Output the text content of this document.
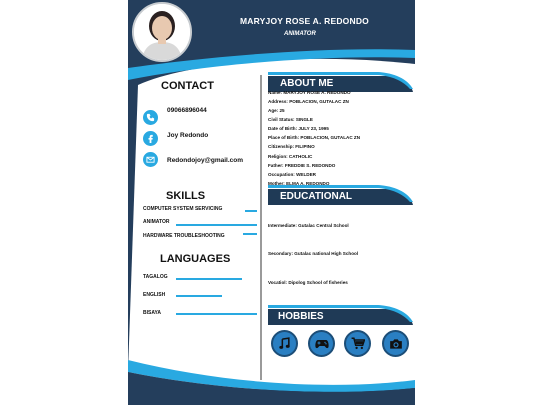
MARYJOY ROSE A. REDONDO
ANIMATOR
CONTACT
09066896044
Joy Redondo
Redondojoy@gmail.com
SKILLS
COMPUTER SYSTEM SERVICING
ANIMATOR
HARDWARE TROUBLESHOOTING
LANGUAGES
TAGALOG
ENGLISH
BISAYA
ABOUT ME
Name: MARYJOY ROSE A. REDONDO
Address: POBLACION, GUTALAC ZN
Age: 25
Civil Status: SINGLE
Date of Birth: JULY 23, 1995
Place of Birth: POBLACION, GUTALAC ZN
Citizenship: FILIPINO
Religion: CATHOLIC
Father: FREDDIE S. REDONDO
Occupation: WELDER
Mother: ELMA A. REDONDO
EDUCATIONAL
Intermediate: Gutalac Central School
Secondary: Gutalac national High School
Vocatiol: Dipolog School of fisheries
HOBBIES
